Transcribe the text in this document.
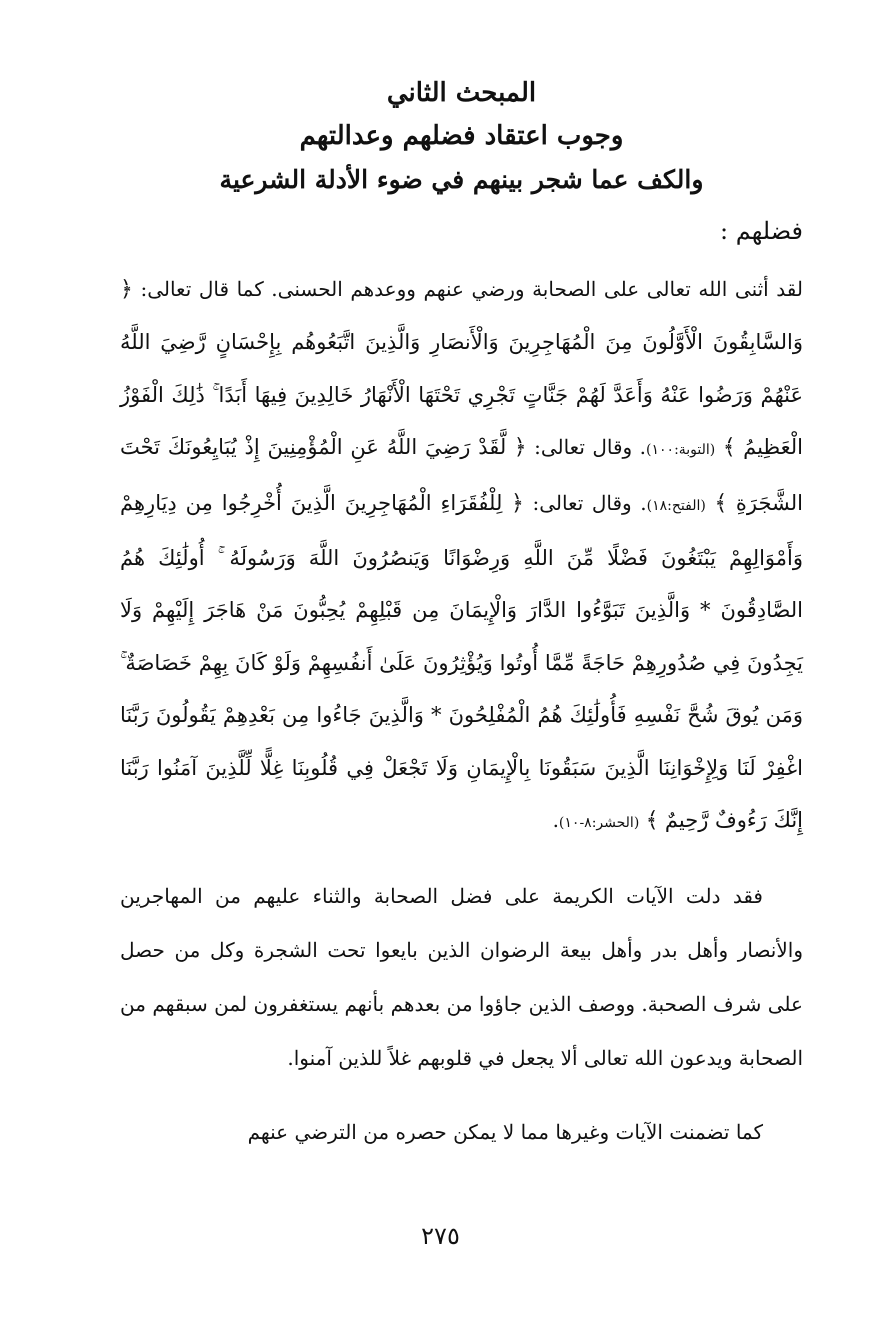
المبحث الثاني
وجوب اعتقاد فضلهم وعدالتهم
والكف عما شجر بينهم في ضوء الأدلة الشرعية
فضلهم :

لقد أثنى الله تعالى على الصحابة ورضي عنهم ووعدهم الحسنى. كما قال تعالى: ﴿ وَالسَّابِقُونَ الْأَوَّلُونَ مِنَ الْمُهَاجِرِينَ وَالْأَنصَارِ وَالَّذِينَ اتَّبَعُوهُم بِإِحْسَانٍ رَّضِيَ اللَّهُ عَنْهُمْ وَرَضُوا عَنْهُ وَأَعَدَّ لَهُمْ جَنَّاتٍ تَجْرِي تَحْتَهَا الْأَنْهَارُ خَالِدِينَ فِيهَا أَبَدًا ۚ ذَٰلِكَ الْفَوْزُ الْعَظِيمُ ﴾ (التوبة:١٠٠). وقال تعالى: ﴿ لَّقَدْ رَضِيَ اللَّهُ عَنِ الْمُؤْمِنِينَ إِذْ يُبَايِعُونَكَ تَحْتَ الشَّجَرَةِ ﴾ (الفتح:١٨). وقال تعالى: ﴿ لِلْفُقَرَاءِ الْمُهَاجِرِينَ الَّذِينَ أُخْرِجُوا مِن دِيَارِهِمْ وَأَمْوَالِهِمْ يَبْتَغُونَ فَضْلًا مِّنَ اللَّهِ وَرِضْوَانًا وَيَنصُرُونَ اللَّهَ وَرَسُولَهُ ۚ أُولَٰئِكَ هُمُ الصَّادِقُونَ * وَالَّذِينَ تَبَوَّءُوا الدَّارَ وَالْإِيمَانَ مِن قَبْلِهِمْ يُحِبُّونَ مَنْ هَاجَرَ إِلَيْهِمْ وَلَا يَجِدُونَ فِي صُدُورِهِمْ حَاجَةً مِّمَّا أُوتُوا وَيُؤْثِرُونَ عَلَىٰ أَنفُسِهِمْ وَلَوْ كَانَ بِهِمْ خَصَاصَةٌ ۚ وَمَن يُوقَ شُحَّ نَفْسِهِ فَأُولَٰئِكَ هُمُ الْمُفْلِحُونَ * وَالَّذِينَ جَاءُوا مِن بَعْدِهِمْ يَقُولُونَ رَبَّنَا اغْفِرْ لَنَا وَلِإِخْوَانِنَا الَّذِينَ سَبَقُونَا بِالْإِيمَانِ وَلَا تَجْعَلْ فِي قُلُوبِنَا غِلًّا لِّلَّذِينَ آمَنُوا رَبَّنَا إِنَّكَ رَءُوفٌ رَّحِيمٌ ﴾ (الحشر:٨-١٠).

فقد دلت الآيات الكريمة على فضل الصحابة والثناء عليهم من المهاجرين والأنصار وأهل بدر وأهل بيعة الرضوان الذين بايعوا تحت الشجرة وكل من حصل على شرف الصحبة. ووصف الذين جاؤوا من بعدهم بأنهم يستغفرون لمن سبقهم من الصحابة ويدعون الله تعالى ألا يجعل في قلوبهم غلاً للذين آمنوا.

كما تضمنت الآيات وغيرها مما لا يمكن حصره من الترضي عنهم

٢٧٥
